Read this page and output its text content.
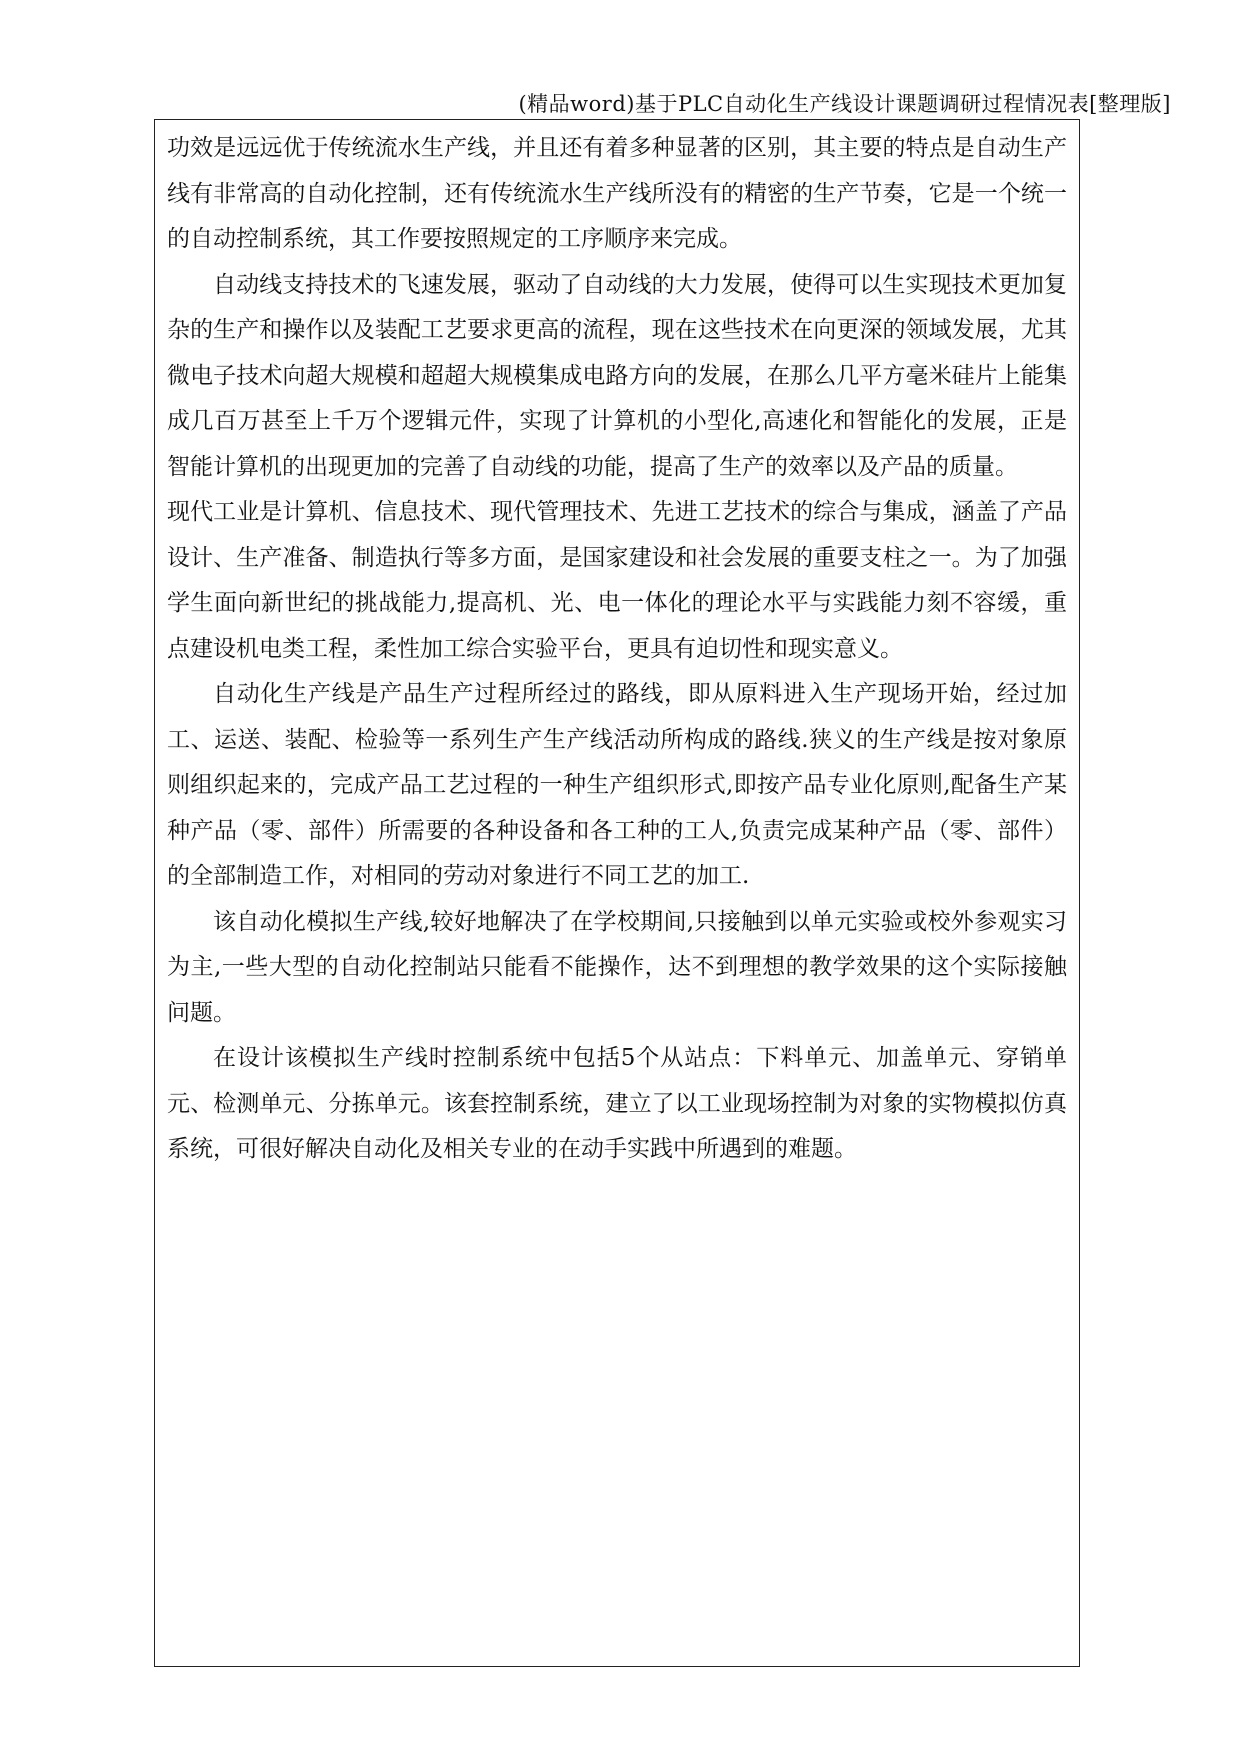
(精品word)基于PLC自动化生产线设计课题调研过程情况表[整理版]

功效是远远优于传统流水生产线，并且还有着多种显著的区别，其主要的特点是自动生产线有非常高的自动化控制，还有传统流水生产线所没有的精密的生产节奏，它是一个统一的自动控制系统，其工作要按照规定的工序顺序来完成。

自动线支持技术的飞速发展，驱动了自动线的大力发展，使得可以生实现技术更加复杂的生产和操作以及装配工艺要求更高的流程，现在这些技术在向更深的领域发展，尤其微电子技术向超大规模和超超大规模集成电路方向的发展，在那么几平方毫米硅片上能集成几百万甚至上千万个逻辑元件，实现了计算机的小型化,高速化和智能化的发展，正是智能计算机的出现更加的完善了自动线的功能，提高了生产的效率以及产品的质量。

现代工业是计算机、信息技术、现代管理技术、先进工艺技术的综合与集成，涵盖了产品设计、生产准备、制造执行等多方面，是国家建设和社会发展的重要支柱之一。为了加强学生面向新世纪的挑战能力,提高机、光、电一体化的理论水平与实践能力刻不容缓，重点建设机电类工程，柔性加工综合实验平台，更具有迫切性和现实意义。

自动化生产线是产品生产过程所经过的路线，即从原料进入生产现场开始，经过加工、运送、装配、检验等一系列生产生产线活动所构成的路线.狭义的生产线是按对象原则组织起来的，完成产品工艺过程的一种生产组织形式,即按产品专业化原则,配备生产某种产品（零、部件）所需要的各种设备和各工种的工人,负责完成某种产品（零、部件）的全部制造工作，对相同的劳动对象进行不同工艺的加工.

该自动化模拟生产线,较好地解决了在学校期间,只接触到以单元实验或校外参观实习为主,一些大型的自动化控制站只能看不能操作，达不到理想的教学效果的这个实际接触问题。

在设计该模拟生产线时控制系统中包括5个从站点：下料单元、加盖单元、穿销单元、检测单元、分拣单元。该套控制系统，建立了以工业现场控制为对象的实物模拟仿真系统，可很好解决自动化及相关专业的在动手实践中所遇到的难题。
